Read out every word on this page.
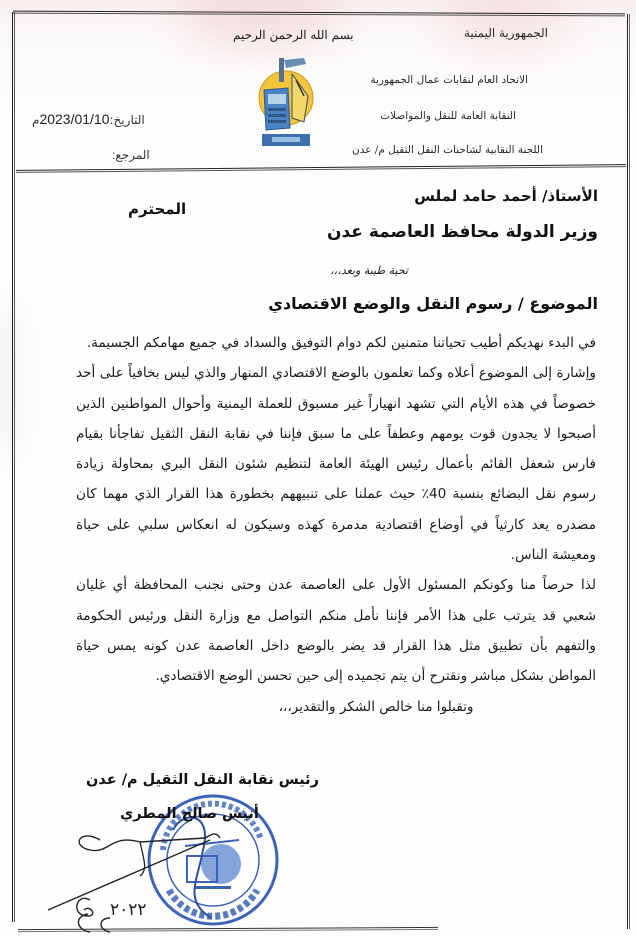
الجمهورية اليمنية
الاتحاد العام لنقابات عمال الجمهورية
النقابة العامة للنقل والمواصلات
اللجنة النقابية لشاحنات النقل الثقيل م/ عدن
بسم الله الرحمن الرحيم
التاريخ:2023/01/10م
المرجع:
الأستاذ/ أحمد حامد لملس
المحترم
وزير الدولة محافظ العاصمة عدن
تحية طيبة وبعد،،،
الموضوع / رسوم النقل والوضع الاقتصادي

في البدء نهديكم أطيب تحياتنا متمنين لكم دوام التوفيق والسداد في جميع مهامكم الجسيمة.

وإشارة إلى الموضوع أعلاه وكما تعلمون بالوضع الاقتصادي المنهار والذي ليس بخافياً على أحد خصوصاً في هذه الأيام التي تشهد انهياراً غير مسبوق للعملة اليمنية وأحوال المواطنين الذين أصبحوا لا يجدون قوت يومهم وعطفاً على ما سبق فإننا في نقابة النقل الثقيل تفاجأنا بقيام فارس شعفل القائم بأعمال رئيس الهيئة العامة لتنظيم شئون النقل البري بمحاولة زيادة رسوم نقل البضائع بنسبة 40٪ حيث عملنا على تنبيههم بخطورة هذا القرار الذي مهما كان مصدره يعد كارثياً في أوضاع اقتصادية مدمرة كهذه وسيكون له انعكاس سلبي على حياة ومعيشة الناس.

لذا حرصاً منا وكونكم المسئول الأول على العاصمة عدن وحتى نجنب المحافظة أي غليان شعبي قد يترتب على هذا الأمر فإننا نأمل منكم التواصل مع وزارة النقل ورئيس الحكومة والتفهم بأن تطبيق مثل هذا القرار قد يضر بالوضع داخل العاصمة عدن كونه يمس حياة المواطن بشكل مباشر ونقترح أن يتم تجميده إلى حين تحسن الوضع الاقتصادي.

وتقبلوا منا خالص الشكر والتقدير،،،

رئيس نقابة النقل الثقيل م/ عدن
أنيس صالح المطري
٢٠٢٢
